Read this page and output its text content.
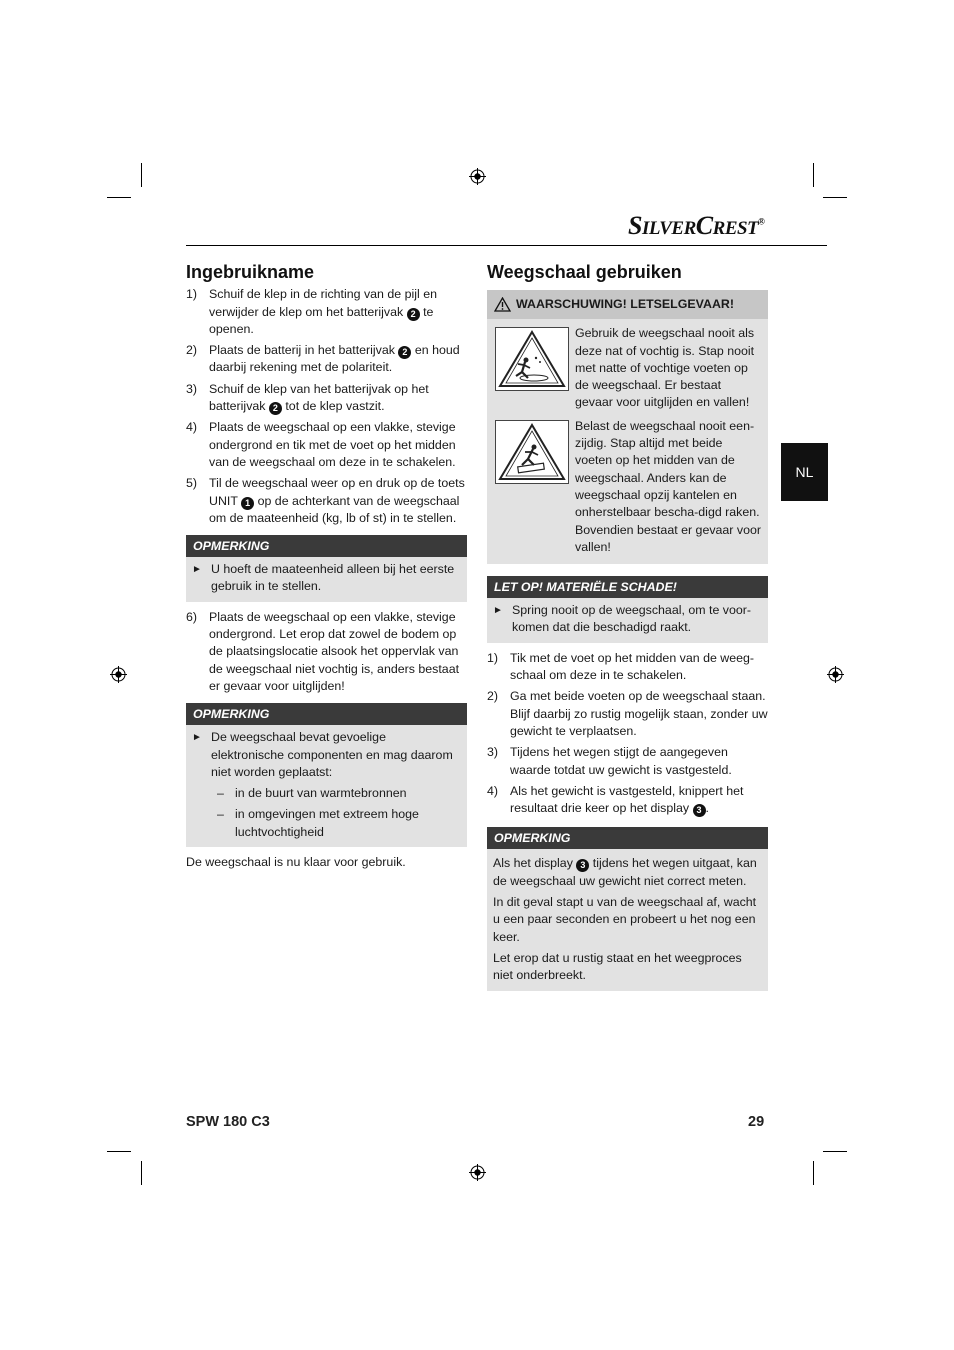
SILVERCREST®
NL
Ingebruikname
1) Schuif de klep in de richting van de pijl en verwijder de klep om het batterijvak 2 te openen.
2) Plaats de batterij in het batterijvak 2 en houd daarbij rekening met de polariteit.
3) Schuif de klep van het batterijvak op het batterijvak 2 tot de klep vastzit.
4) Plaats de weegschaal op een vlakke, stevige ondergrond en tik met de voet op het midden van de weegschaal om deze in te schakelen.
5) Til de weegschaal weer op en druk op de toets UNIT 1 op de achterkant van de weegschaal om de maateenheid (kg, lb of st) in te stellen.
OPMERKING
► U hoeft de maateenheid alleen bij het eerste gebruik in te stellen.
6) Plaats de weegschaal op een vlakke, stevige ondergrond. Let erop dat zowel de bodem op de plaatsingslocatie alsook het oppervlak van de weegschaal niet vochtig is, anders bestaat er gevaar voor uitglijden!
OPMERKING
► De weegschaal bevat gevoelige elektronische componenten en mag daarom niet worden geplaatst:
– in de buurt van warmtebronnen
– in omgevingen met extreem hoge luchtvochtigheid
De weegschaal is nu klaar voor gebruik.
Weegschaal gebruiken
WAARSCHUWING! LETSELGEVAAR!
Gebruik de weegschaal nooit als deze nat of vochtig is. Stap nooit met natte of vochtige voeten op de weegschaal. Er bestaat gevaar voor uitglijden en vallen!
Belast de weegschaal nooit een-zijdig. Stap altijd met beide voeten op het midden van de weegschaal. Anders kan de weegschaal opzij kantelen en onherstelbaar bescha-digd raken. Bovendien bestaat er gevaar voor vallen!
LET OP! MATERIËLE SCHADE!
► Spring nooit op de weegschaal, om te voor-komen dat die beschadigd raakt.
1) Tik met de voet op het midden van de weeg-schaal om deze in te schakelen.
2) Ga met beide voeten op de weegschaal staan. Blijf daarbij zo rustig mogelijk staan, zonder uw gewicht te verplaatsen.
3) Tijdens het wegen stijgt de aangegeven waarde totdat uw gewicht is vastgesteld.
4) Als het gewicht is vastgesteld, knippert het resultaat drie keer op het display 3 .
OPMERKING
Als het display 3 tijdens het wegen uitgaat, kan de weegschaal uw gewicht niet correct meten.
In dit geval stapt u van de weegschaal af, wacht u een paar seconden en probeert u het nog een keer.
Let erop dat u rustig staat en het weegproces niet onderbreekt.
SPW 180 C3	29
